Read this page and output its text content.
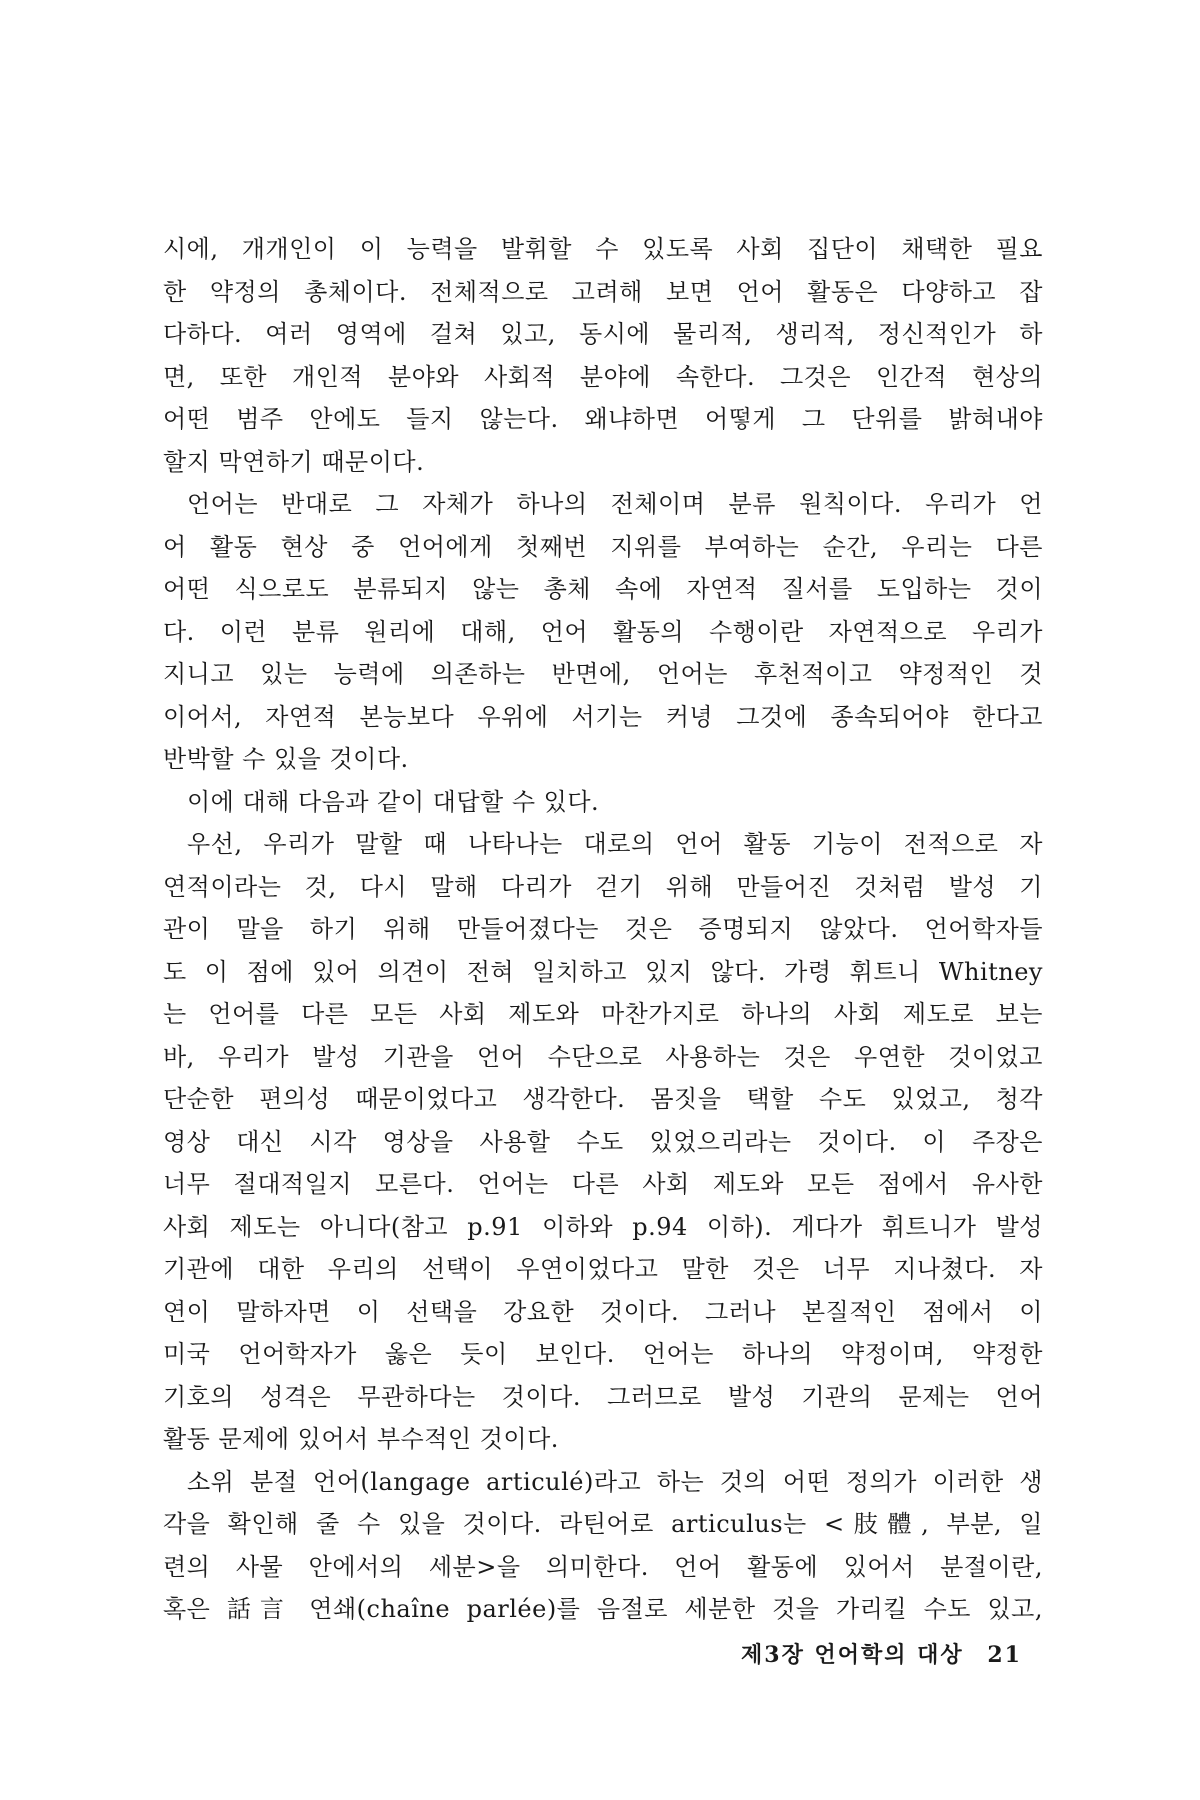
시에, 개개인이 이 능력을 발휘할 수 있도록 사회 집단이 채택한 필요
한 약정의 총체이다. 전체적으로 고려해 보면 언어 활동은 다양하고 잡
다하다. 여러 영역에 걸쳐 있고, 동시에 물리적, 생리적, 정신적인가 하
면, 또한 개인적 분야와 사회적 분야에 속한다. 그것은 인간적 현상의
어떤 범주 안에도 들지 않는다. 왜냐하면 어떻게 그 단위를 밝혀내야
할지 막연하기 때문이다.
언어는 반대로 그 자체가 하나의 전체이며 분류 원칙이다. 우리가 언
어 활동 현상 중 언어에게 첫째번 지위를 부여하는 순간, 우리는 다른
어떤 식으로도 분류되지 않는 총체 속에 자연적 질서를 도입하는 것이
다. 이런 분류 원리에 대해, 언어 활동의 수행이란 자연적으로 우리가
지니고 있는 능력에 의존하는 반면에, 언어는 후천적이고 약정적인 것
이어서, 자연적 본능보다 우위에 서기는 커녕 그것에 종속되어야 한다고
반박할 수 있을 것이다.
이에 대해 다음과 같이 대답할 수 있다.
우선, 우리가 말할 때 나타나는 대로의 언어 활동 기능이 전적으로 자
연적이라는 것, 다시 말해 다리가 걷기 위해 만들어진 것처럼 발성 기
관이 말을 하기 위해 만들어졌다는 것은 증명되지 않았다. 언어학자들
도 이 점에 있어 의견이 전혀 일치하고 있지 않다. 가령 휘트니 Whitney
는 언어를 다른 모든 사회 제도와 마찬가지로 하나의 사회 제도로 보는
바, 우리가 발성 기관을 언어 수단으로 사용하는 것은 우연한 것이었고
단순한 편의성 때문이었다고 생각한다. 몸짓을 택할 수도 있었고, 청각
영상 대신 시각 영상을 사용할 수도 있었으리라는 것이다. 이 주장은
너무 절대적일지 모른다. 언어는 다른 사회 제도와 모든 점에서 유사한
사회 제도는 아니다(참고 p.91 이하와 p.94 이하). 게다가 휘트니가 발성
기관에 대한 우리의 선택이 우연이었다고 말한 것은 너무 지나쳤다. 자
연이 말하자면 이 선택을 강요한 것이다. 그러나 본질적인 점에서 이
미국 언어학자가 옳은 듯이 보인다. 언어는 하나의 약정이며, 약정한
기호의 성격은 무관하다는 것이다. 그러므로 발성 기관의 문제는 언어
활동 문제에 있어서 부수적인 것이다.
소위 분절 언어(langage articulé)라고 하는 것의 어떤 정의가 이러한 생
각을 확인해 줄 수 있을 것이다. 라틴어로 articulus는 <肢體, 부분, 일
련의 사물 안에서의 세분>을 의미한다. 언어 활동에 있어서 분절이란,
혹은 話言 연쇄(chaîne parlée)를 음절로 세분한 것을 가리킬 수도 있고,
제3장 언어학의 대상 21
